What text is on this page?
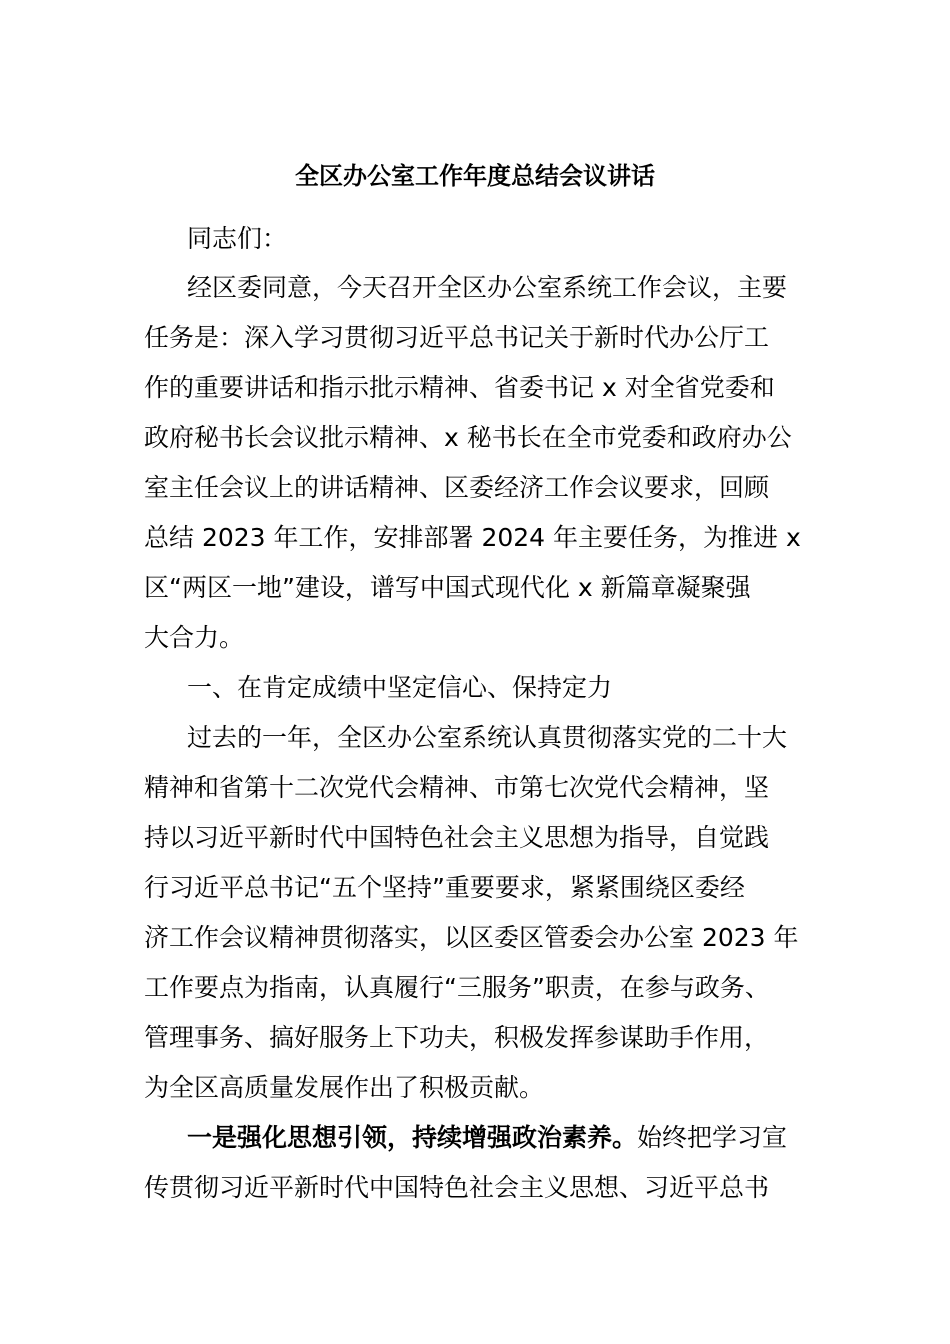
全区办公室工作年度总结会议讲话

同志们：

经区委同意，今天召开全区办公室系统工作会议，主要

任务是：深入学习贯彻习近平总书记关于新时代办公厅工

作的重要讲话和指示批示精神、省委书记 x 对全省党委和

政府秘书长会议批示精神、x 秘书长在全市党委和政府办公

室主任会议上的讲话精神、区委经济工作会议要求，回顾

总结 2023 年工作，安排部署 2024 年主要任务，为推进 x

区“两区一地”建设，谱写中国式现代化 x 新篇章凝聚强

大合力。

一、在肯定成绩中坚定信心、保持定力

过去的一年，全区办公室系统认真贯彻落实党的二十大

精神和省第十二次党代会精神、市第七次党代会精神，坚

持以习近平新时代中国特色社会主义思想为指导，自觉践

行习近平总书记“五个坚持”重要要求，紧紧围绕区委经

济工作会议精神贯彻落实，以区委区管委会办公室 2023 年

工作要点为指南，认真履行“三服务”职责，在参与政务、

管理事务、搞好服务上下功夫，积极发挥参谋助手作用，

为全区高质量发展作出了积极贡献。

一是强化思想引领，持续增强政治素养。始终把学习宣

传贯彻习近平新时代中国特色社会主义思想、习近平总书
